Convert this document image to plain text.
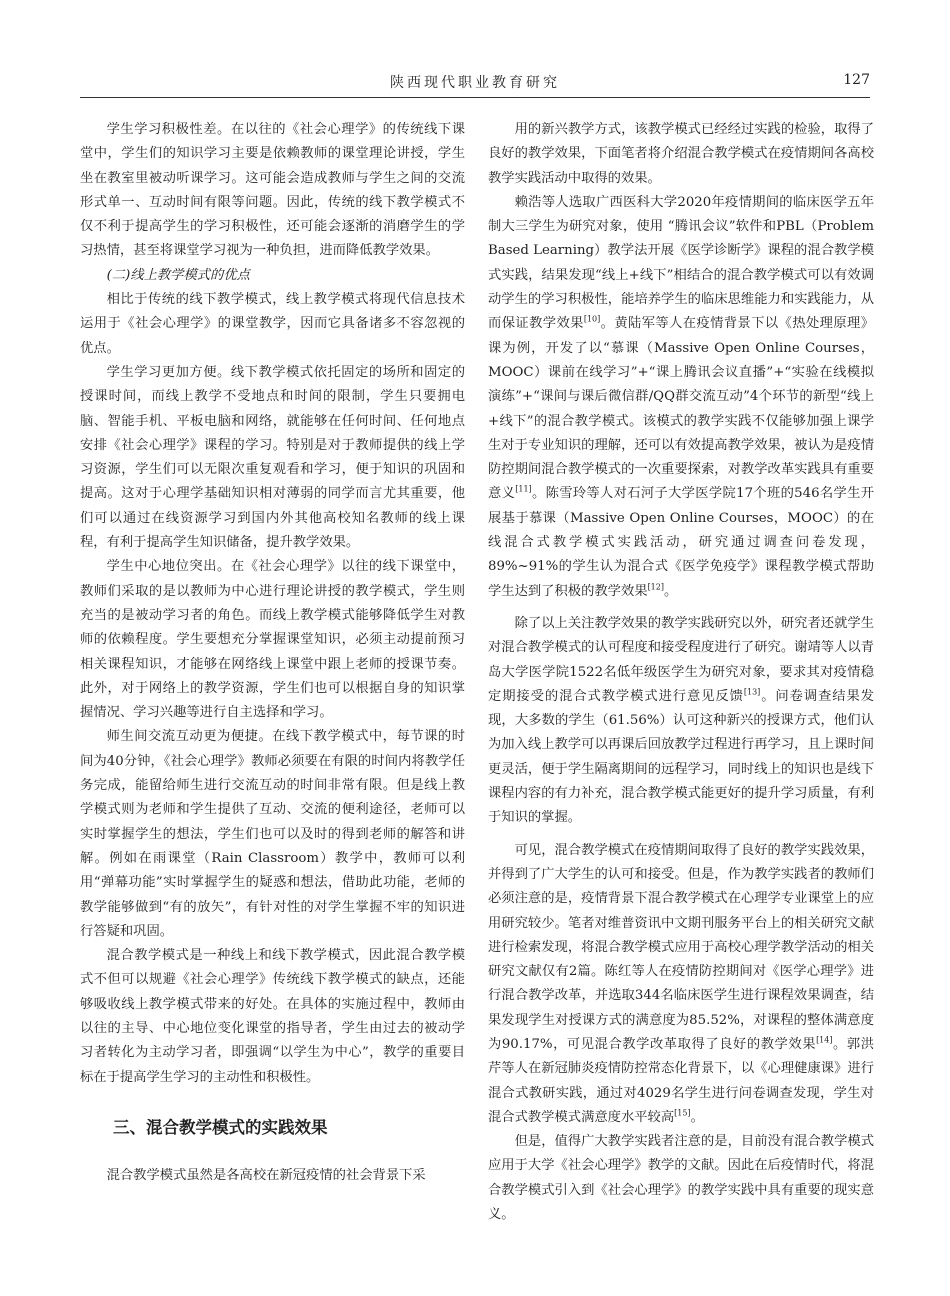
陕西现代职业教育研究	127

学生学习积极性差。在以往的《社会心理学》的传统线下课堂中，学生们的知识学习主要是依赖教师的课堂理论讲授，学生坐在教室里被动听课学习。这可能会造成教师与学生之间的交流形式单一、互动时间有限等问题。因此，传统的线下教学模式不仅不利于提高学生的学习积极性，还可能会逐渐的消磨学生的学习热情，甚至将课堂学习视为一种负担，进而降低教学效果。

(二)线上教学模式的优点

相比于传统的线下教学模式，线上教学模式将现代信息技术运用于《社会心理学》的课堂教学，因而它具备诸多不容忽视的优点。

学生学习更加方便。线下教学模式依托固定的场所和固定的授课时间，而线上教学不受地点和时间的限制，学生只要拥电脑、智能手机、平板电脑和网络，就能够在任何时间、任何地点安排《社会心理学》课程的学习。特别是对于教师提供的线上学习资源，学生们可以无限次重复观看和学习，便于知识的巩固和提高。这对于心理学基础知识相对薄弱的同学而言尤其重要，他们可以通过在线资源学习到国内外其他高校知名教师的线上课程，有利于提高学生知识储备，提升教学效果。

学生中心地位突出。在《社会心理学》以往的线下课堂中，教师们采取的是以教师为中心进行理论讲授的教学模式，学生则充当的是被动学习者的角色。而线上教学模式能够降低学生对教师的依赖程度。学生要想充分掌握课堂知识，必须主动提前预习相关课程知识，才能够在网络线上课堂中跟上老师的授课节奏。此外，对于网络上的教学资源，学生们也可以根据自身的知识掌握情况、学习兴趣等进行自主选择和学习。

师生间交流互动更为便捷。在线下教学模式中，每节课的时间为40分钟，《社会心理学》教师必须要在有限的时间内将教学任务完成，能留给师生进行交流互动的时间非常有限。但是线上教学模式则为老师和学生提供了互动、交流的便利途径，老师可以实时掌握学生的想法，学生们也可以及时的得到老师的解答和讲解。例如在雨课堂（Rain Classroom）教学中，教师可以利用“弹幕功能”实时掌握学生的疑惑和想法，借助此功能，老师的教学能够做到“有的放矢”，有针对性的对学生掌握不牢的知识进行答疑和巩固。

混合教学模式是一种线上和线下教学模式，因此混合教学模式不但可以规避《社会心理学》传统线下教学模式的缺点，还能够吸收线上教学模式带来的好处。在具体的实施过程中，教师由以往的主导、中心地位变化课堂的指导者，学生由过去的被动学习者转化为主动学习者，即强调“以学生为中心”，教学的重要目标在于提高学生学习的主动性和积极性。

三、混合教学模式的实践效果

混合教学模式虽然是各高校在新冠疫情的社会背景下采

用的新兴教学方式，该教学模式已经经过实践的检验，取得了良好的教学效果，下面笔者将介绍混合教学模式在疫情期间各高校教学实践活动中取得的效果。

赖浩等人选取广西医科大学2020年疫情期间的临床医学五年制大三学生为研究对象，使用 “腾讯会议”软件和PBL（Problem Based Learning）教学法开展《医学诊断学》课程的混合教学模式实践，结果发现“线上+线下”相结合的混合教学模式可以有效调动学生的学习积极性，能培养学生的临床思维能力和实践能力，从而保证教学效果[10]。黄陆军等人在疫情背景下以《热处理原理》课为例，开发了以“慕课（Massive Open Online Courses， MOOC）课前在线学习”+“课上腾讯会议直播”+“实验在线模拟演练”+“课间与课后微信群/QQ群交流互动”4个环节的新型“线上+线下”的混合教学模式。该模式的教学实践不仅能够加强上课学生对于专业知识的理解，还可以有效提高教学效果，被认为是疫情防控期间混合教学模式的一次重要探索，对教学改革实践具有重要意义[11]。陈雪玲等人对石河子大学医学院17个班的546名学生开展基于慕课（Massive Open Online Courses，MOOC）的在线混合式教学模式实践活动，研究通过调查问卷发现，89%~91%的学生认为混合式《医学免疫学》课程教学模式帮助学生达到了积极的教学效果[12]。

除了以上关注教学效果的教学实践研究以外，研究者还就学生对混合教学模式的认可程度和接受程度进行了研究。谢靖等人以青岛大学医学院1522名低年级医学生为研究对象，要求其对疫情稳定期接受的混合式教学模式进行意见反馈[13]。问卷调查结果发现，大多数的学生（61.56%）认可这种新兴的授课方式，他们认为加入线上教学可以再课后回放教学过程进行再学习，且上课时间更灵活，便于学生隔离期间的远程学习，同时线上的知识也是线下课程内容的有力补充，混合教学模式能更好的提升学习质量，有利于知识的掌握。

可见，混合教学模式在疫情期间取得了良好的教学实践效果，并得到了广大学生的认可和接受。但是，作为教学实践者的教师们必须注意的是，疫情背景下混合教学模式在心理学专业课堂上的应用研究较少。笔者对维普资讯中文期刊服务平台上的相关研究文献进行检索发现，将混合教学模式应用于高校心理学教学活动的相关研究文献仅有2篇。陈红等人在疫情防控期间对《医学心理学》进行混合教学改革，并选取344名临床医学生进行课程效果调查，结果发现学生对授课方式的满意度为85.52%，对课程的整体满意度为90.17%，可见混合教学改革取得了良好的教学效果[14]。郭洪芹等人在新冠肺炎疫情防控常态化背景下，以《心理健康课》进行混合式教研实践，通过对4029名学生进行问卷调查发现，学生对混合式教学模式满意度水平较高[15]。

但是，值得广大教学实践者注意的是，目前没有混合教学模式应用于大学《社会心理学》教学的文献。因此在后疫情时代，将混合教学模式引入到《社会心理学》的教学实践中具有重要的现实意义。
